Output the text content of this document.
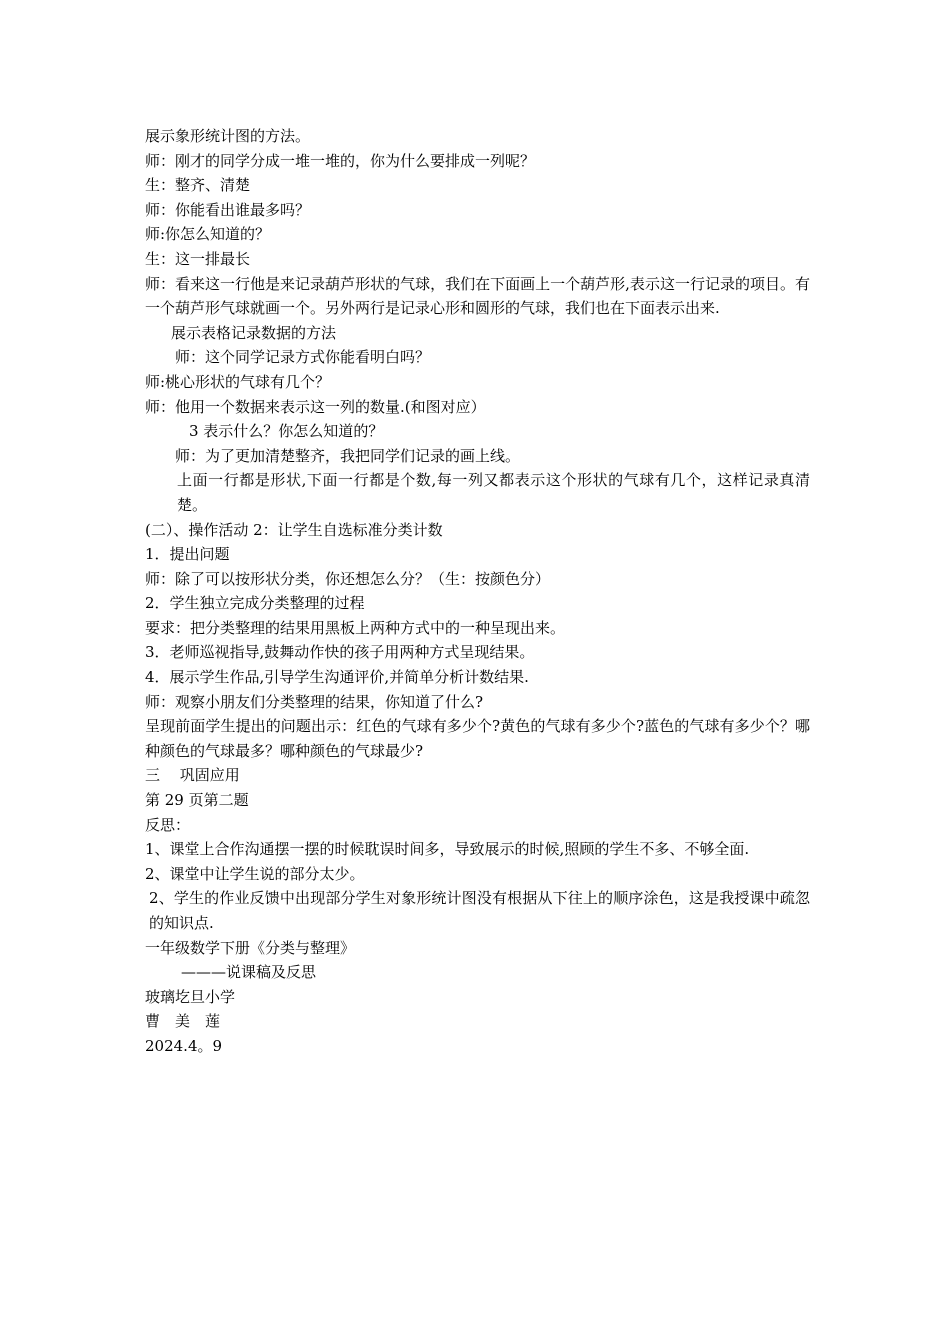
展示象形统计图的方法。

师：刚才的同学分成一堆一堆的，你为什么要排成一列呢？

生：整齐、清楚

师：你能看出谁最多吗？

师:你怎么知道的？

生：这一排最长

师：看来这一行他是来记录葫芦形状的气球，我们在下面画上一个葫芦形,表示这一行记录的项目。有一个葫芦形气球就画一个。另外两行是记录心形和圆形的气球，我们也在下面表示出来.

展示表格记录数据的方法

师：这个同学记录方式你能看明白吗？

师:桃心形状的气球有几个？

师：他用一个数据来表示这一列的数量.(和图对应）

3 表示什么？你怎么知道的？

师：为了更加清楚整齐，我把同学们记录的画上线。

上面一行都是形状,下面一行都是个数,每一列又都表示这个形状的气球有几个，这样记录真清楚。

(二）、操作活动 2：让学生自选标准分类计数

1．提出问题

师：除了可以按形状分类，你还想怎么分？（生：按颜色分）

2．学生独立完成分类整理的过程

要求：把分类整理的结果用黑板上两种方式中的一种呈现出来。

3．老师巡视指导,鼓舞动作快的孩子用两种方式呈现结果。

4．展示学生作品,引导学生沟通评价,并简单分析计数结果.

师：观察小朋友们分类整理的结果，你知道了什么?

呈现前面学生提出的问题出示：红色的气球有多少个?黄色的气球有多少个?蓝色的气球有多少个？哪种颜色的气球最多？哪种颜色的气球最少?

三　 巩固应用

第 29 页第二题

反思：

1、课堂上合作沟通摆一摆的时候耽误时间多，导致展示的时候,照顾的学生不多、不够全面.

2、课堂中让学生说的部分太少。

2、学生的作业反馈中出现部分学生对象形统计图没有根据从下往上的顺序涂色，这是我授课中疏忽的知识点.

一年级数学下册《分类与整理》

———说课稿及反思

玻璃圪旦小学

曹　美　莲

2024.4。9
